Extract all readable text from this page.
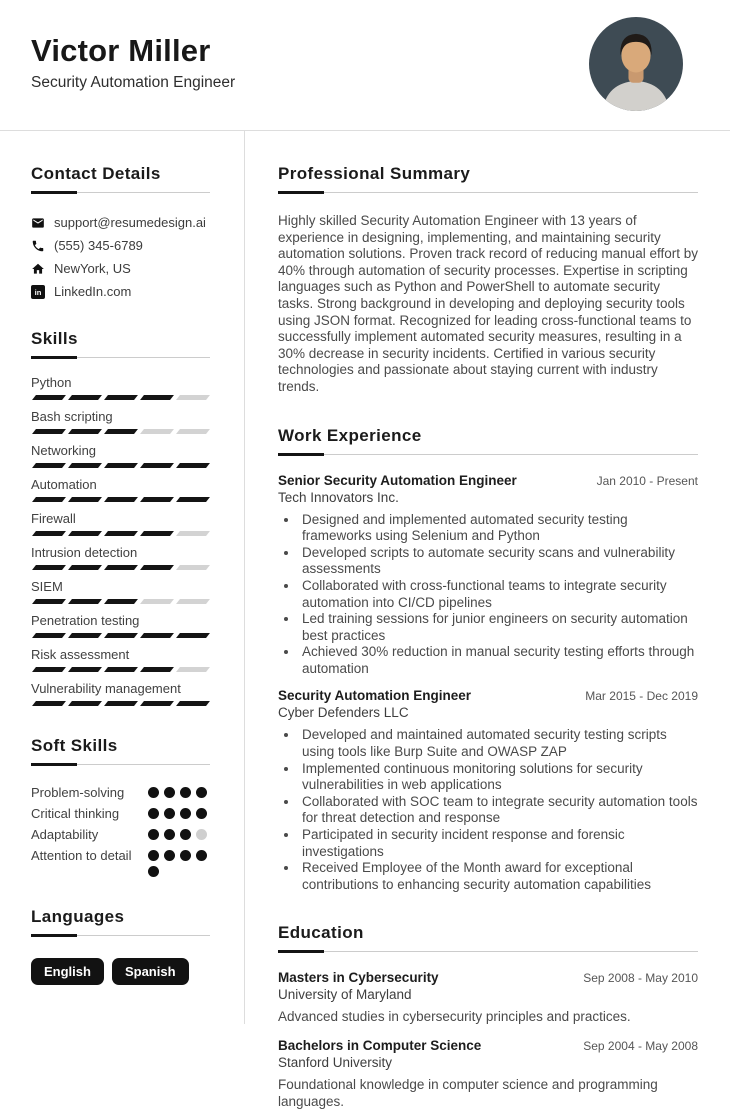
Victor Miller
Security Automation Engineer
Contact Details
support@resumedesign.ai
(555) 345-6789
NewYork, US
in LinkedIn.com
Skills
Python
Bash scripting
Networking
Automation
Firewall
Intrusion detection
SIEM
Penetration testing
Risk assessment
Vulnerability management
Soft Skills
Problem-solving
Critical thinking
Adaptability
Attention to detail
Languages
English	Spanish
Professional Summary

Highly skilled Security Automation Engineer with 13 years of experience in designing, implementing, and maintaining security automation solutions. Proven track record of reducing manual effort by 40% through automation of security processes. Expertise in scripting languages such as Python and PowerShell to automate security tasks. Strong background in developing and deploying security tools using JSON format. Recognized for leading cross-functional teams to successfully implement automated security measures, resulting in a 30% decrease in security incidents. Certified in various security technologies and passionate about staying current with industry trends.

Work Experience
Senior Security Automation Engineer	Jan 2010 - Present
Tech Innovators Inc.
• Designed and implemented automated security testing frameworks using Selenium and Python
• Developed scripts to automate security scans and vulnerability assessments
• Collaborated with cross-functional teams to integrate security automation into CI/CD pipelines
• Led training sessions for junior engineers on security automation best practices
• Achieved 30% reduction in manual security testing efforts through automation
Security Automation Engineer	Mar 2015 - Dec 2019
Cyber Defenders LLC
• Developed and maintained automated security testing scripts using tools like Burp Suite and OWASP ZAP
• Implemented continuous monitoring solutions for security vulnerabilities in web applications
• Collaborated with SOC team to integrate security automation tools for threat detection and response
• Participated in security incident response and forensic investigations
• Received Employee of the Month award for exceptional contributions to enhancing security automation capabilities
Education
Masters in Cybersecurity	Sep 2008 - May 2010
University of Maryland
Advanced studies in cybersecurity principles and practices.
Bachelors in Computer Science	Sep 2004 - May 2008
Stanford University
Foundational knowledge in computer science and programming languages.
